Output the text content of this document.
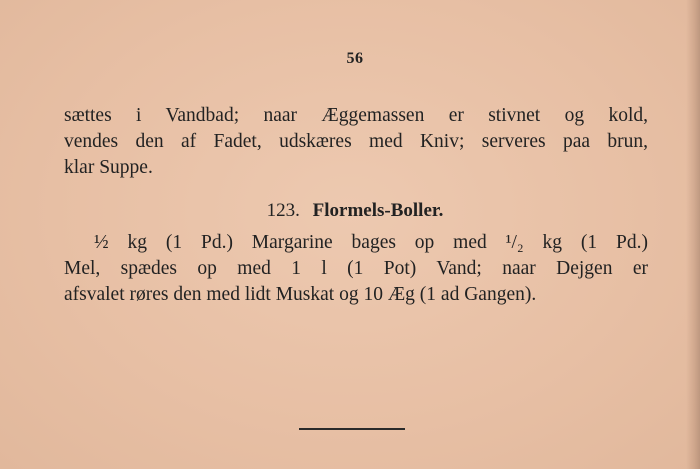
56
sættes i Vandbad; naar Æggemassen er stivnet og kold,
vendes den af Fadet, udskæres med Kniv; serveres paa brun,
klar Suppe.
123. Flormels-Boller.
½ kg (1 Pd.) Margarine bages op med ¹/₂ kg (1 Pd.)
Mel, spædes op med 1 l (1 Pot) Vand; naar Dejgen er
afsvalet røres den med lidt Muskat og 10 Æg (1 ad Gangen).
